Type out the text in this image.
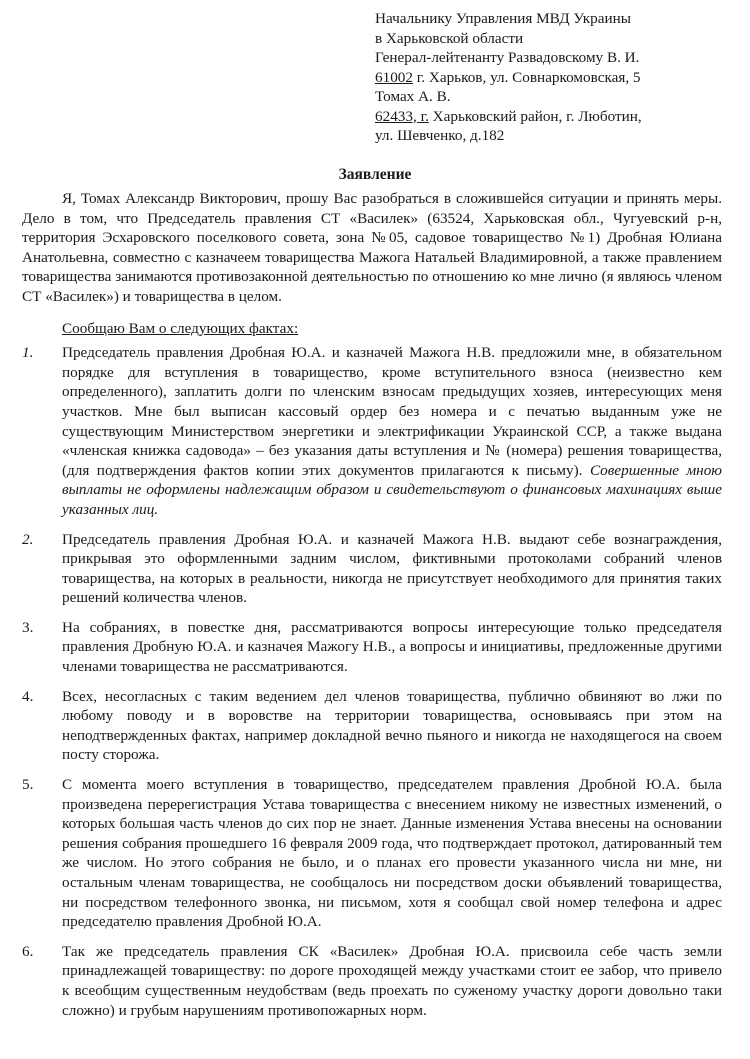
Начальнику Управления МВД Украины
в Харьковской области
Генерал-лейтенанту Развадовскому В. И.
61002 г. Харьков, ул. Совнаркомовская, 5
Томах А. В.
62433, г. Харьковский район, г. Люботин,
ул. Шевченко, д.182
Заявление

Я, Томах Александр Викторович, прошу Вас разобраться в сложившейся ситуации и принять меры. Дело в том, что Председатель правления СТ «Василек» (63524, Харьковская обл., Чугуевский р-н, территория Эсхаровского поселкового совета, зона №05, садовое товарищество №1) Дробная Юлиана Анатольевна, совместно с казначеем товарищества Мажога Натальей Владимировной, а также правлением товарищества занимаются противозаконной деятельностью по отношению ко мне лично (я являюсь членом СТ «Василек») и товарищества в целом.

Сообщаю Вам о следующих фактах:
1.	Председатель правления Дробная Ю.А. и казначей Мажога Н.В. предложили мне, в обязательном порядке для вступления в товарищество, кроме вступительного взноса (неизвестно кем определенного), заплатить долги по членским взносам предыдущих хозяев, интересующих меня участков. Мне был выписан кассовый ордер без номера и с печатью выданным уже не существующим Министерством энергетики и электрификации Украинской ССР, а также выдана «членская книжка садовода» – без указания даты вступления и № (номера) решения товарищества, (для подтверждения фактов копии этих документов прилагаются к письму). Совершенные мною выплаты не оформлены надлежащим образом и свидетельствуют о финансовых махинациях выше указанных лиц.
2.	Председатель правления Дробная Ю.А. и казначей Мажога Н.В. выдают себе вознаграждения, прикрывая это оформленными задним числом, фиктивными протоколами собраний членов товарищества, на которых в реальности, никогда не присутствует необходимого для принятия таких решений количества членов.
3.	На собраниях, в повестке дня, рассматриваются вопросы интересующие только председателя правления Дробную Ю.А. и казначея Мажогу Н.В., а вопросы и инициативы, предложенные другими членами товарищества не рассматриваются.
4.	Всех, несогласных с таким ведением дел членов товарищества, публично обвиняют во лжи по любому поводу и в воровстве на территории товарищества, основываясь при этом на неподтвержденных фактах, например докладной вечно пьяного и никогда не находящегося на своем посту сторожа.
5.	С момента моего вступления в товарищество, председателем правления Дробной Ю.А. была произведена перерегистрация Устава товарищества с внесением никому не известных изменений, о которых большая часть членов до сих пор не знает. Данные изменения Устава внесены на основании решения собрания прошедшего 16 февраля 2009 года, что подтверждает протокол, датированный тем же числом. Но этого собрания не было, и о планах его провести указанного числа ни мне, ни остальным членам товарищества, не сообщалось ни посредством доски объявлений товарищества, ни посредством телефонного звонка, ни письмом, хотя я сообщал свой номер телефона и адрес председателю правления Дробной Ю.А.
6.	Так же председатель правления СК «Василек» Дробная Ю.А. присвоила себе часть земли принадлежащей товариществу: по дороге проходящей между участками стоит ее забор, что привело к всеобщим существенным неудобствам (ведь проехать по суженому участку дороги довольно таки сложно) и грубым нарушениям противопожарных норм.
